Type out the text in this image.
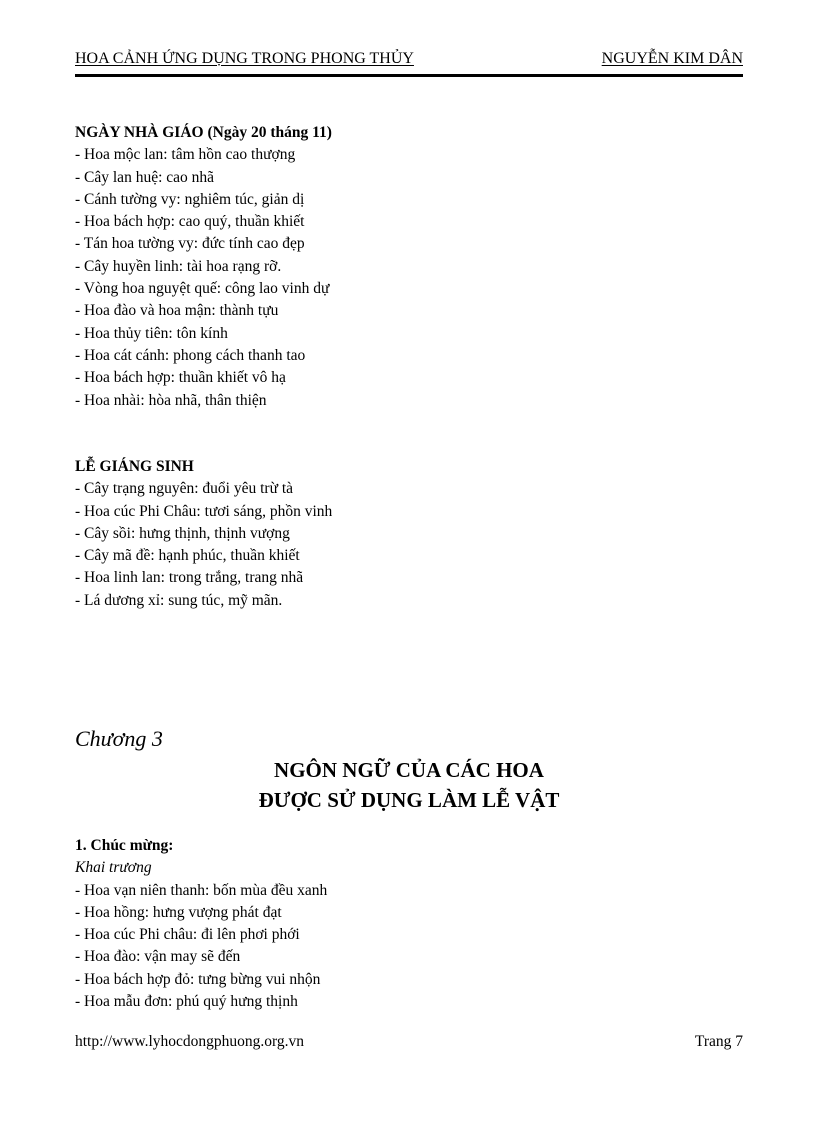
HOA CẢNH ỨNG DỤNG TRONG PHONG THỦY	NGUYỄN KIM DÂN
NGÀY NHÀ GIÁO (Ngày 20 tháng 11)
- Hoa mộc lan: tâm hồn cao thượng
- Cây lan huệ: cao nhã
- Cánh tường vy: nghiêm túc, giản dị
- Hoa bách hợp: cao quý, thuần khiết
- Tán hoa tường vy: đức tính cao đẹp
- Cây huyền linh: tài hoa rạng rỡ.
- Vòng hoa nguyệt quế: công lao vinh dự
- Hoa đào và hoa mận: thành tựu
- Hoa thủy tiên: tôn kính
- Hoa cát cánh: phong cách thanh tao
- Hoa bách hợp: thuần khiết vô hạ
- Hoa nhài: hòa nhã, thân thiện
LỄ GIÁNG SINH
- Cây trạng nguyên: đuổi yêu trừ tà
- Hoa cúc Phi Châu: tươi sáng, phồn vinh
- Cây sồi: hưng thịnh, thịnh vượng
- Cây mã đề: hạnh phúc, thuần khiết
- Hoa linh lan: trong trắng, trang nhã
- Lá dương xỉ: sung túc, mỹ mãn.
Chương 3
NGÔN NGỮ CỦA CÁC HOA
ĐƯỢC SỬ DỤNG LÀM LỄ VẬT
1. Chúc mừng:
Khai trương
- Hoa vạn niên thanh: bốn mùa đều xanh
- Hoa hồng: hưng vượng phát đạt
- Hoa cúc Phi châu: đi lên phơi phới
- Hoa đào: vận may sẽ đến
- Hoa bách hợp đỏ: tưng bừng vui nhộn
- Hoa mẫu đơn: phú quý hưng thịnh
http://www.lyhocdongphuong.org.vn	Trang 7
